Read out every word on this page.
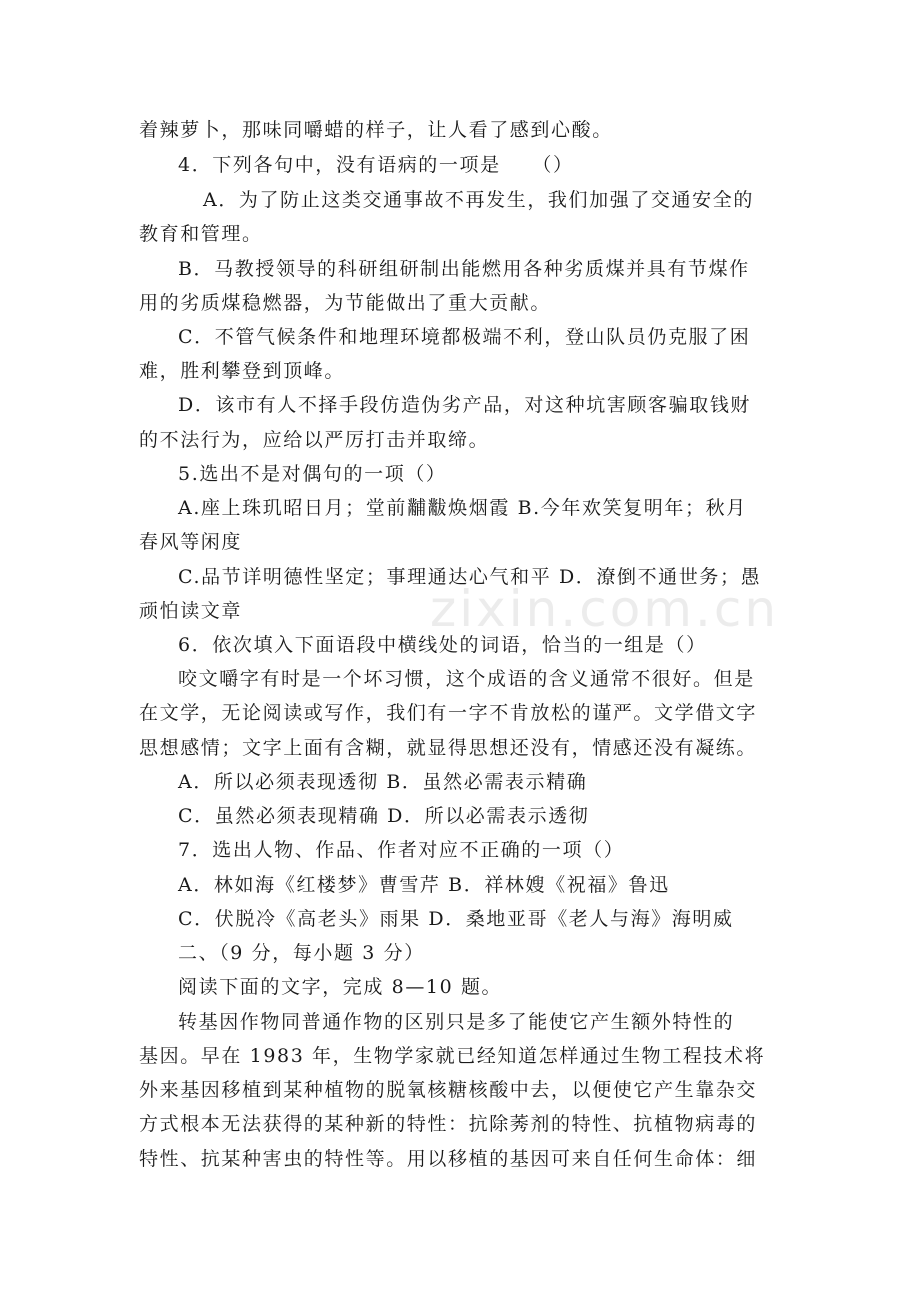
zixin.com.cn
着辣萝卜，那味同嚼蜡的样子，让人看了感到心酸。
4．下列各句中，没有语病的一项是　　（）
A．为了防止这类交通事故不再发生，我们加强了交通安全的
教育和管理。
B．马教授领导的科研组研制出能燃用各种劣质煤并具有节煤作
用的劣质煤稳燃器，为节能做出了重大贡献。
C．不管气候条件和地理环境都极端不利，登山队员仍克服了困
难，胜利攀登到顶峰。
D．该市有人不择手段仿造伪劣产品，对这种坑害顾客骗取钱财
的不法行为，应给以严厉打击并取缔。
5.选出不是对偶句的一项（）
A.座上珠玑昭日月；堂前黼黻焕烟霞 B.今年欢笑复明年；秋月
春风等闲度
C.品节详明德性坚定；事理通达心气和平 D．潦倒不通世务；愚
顽怕读文章
6．依次填入下面语段中横线处的词语，恰当的一组是（）
咬文嚼字有时是一个坏习惯，这个成语的含义通常不很好。但是
在文学，无论阅读或写作，我们有一字不肯放松的谨严。文学借文字
思想感情；文字上面有含糊，就显得思想还没有，情感还没有凝练。
A．所以必须表现透彻 B．虽然必需表示精确
C．虽然必须表现精确 D．所以必需表示透彻
7．选出人物、作品、作者对应不正确的一项（）
A．林如海《红楼梦》曹雪芹 B．祥林嫂《祝福》鲁迅
C．伏脱冷《高老头》雨果 D．桑地亚哥《老人与海》海明威
二、（9 分，每小题 3 分）
阅读下面的文字，完成 8—10 题。
转基因作物同普通作物的区别只是多了能使它产生额外特性的
基因。早在 1983 年，生物学家就已经知道怎样通过生物工程技术将
外来基因移植到某种植物的脱氧核糖核酸中去，以便使它产生靠杂交
方式根本无法获得的某种新的特性：抗除莠剂的特性、抗植物病毒的
特性、抗某种害虫的特性等。用以移植的基因可来自任何生命体：细
